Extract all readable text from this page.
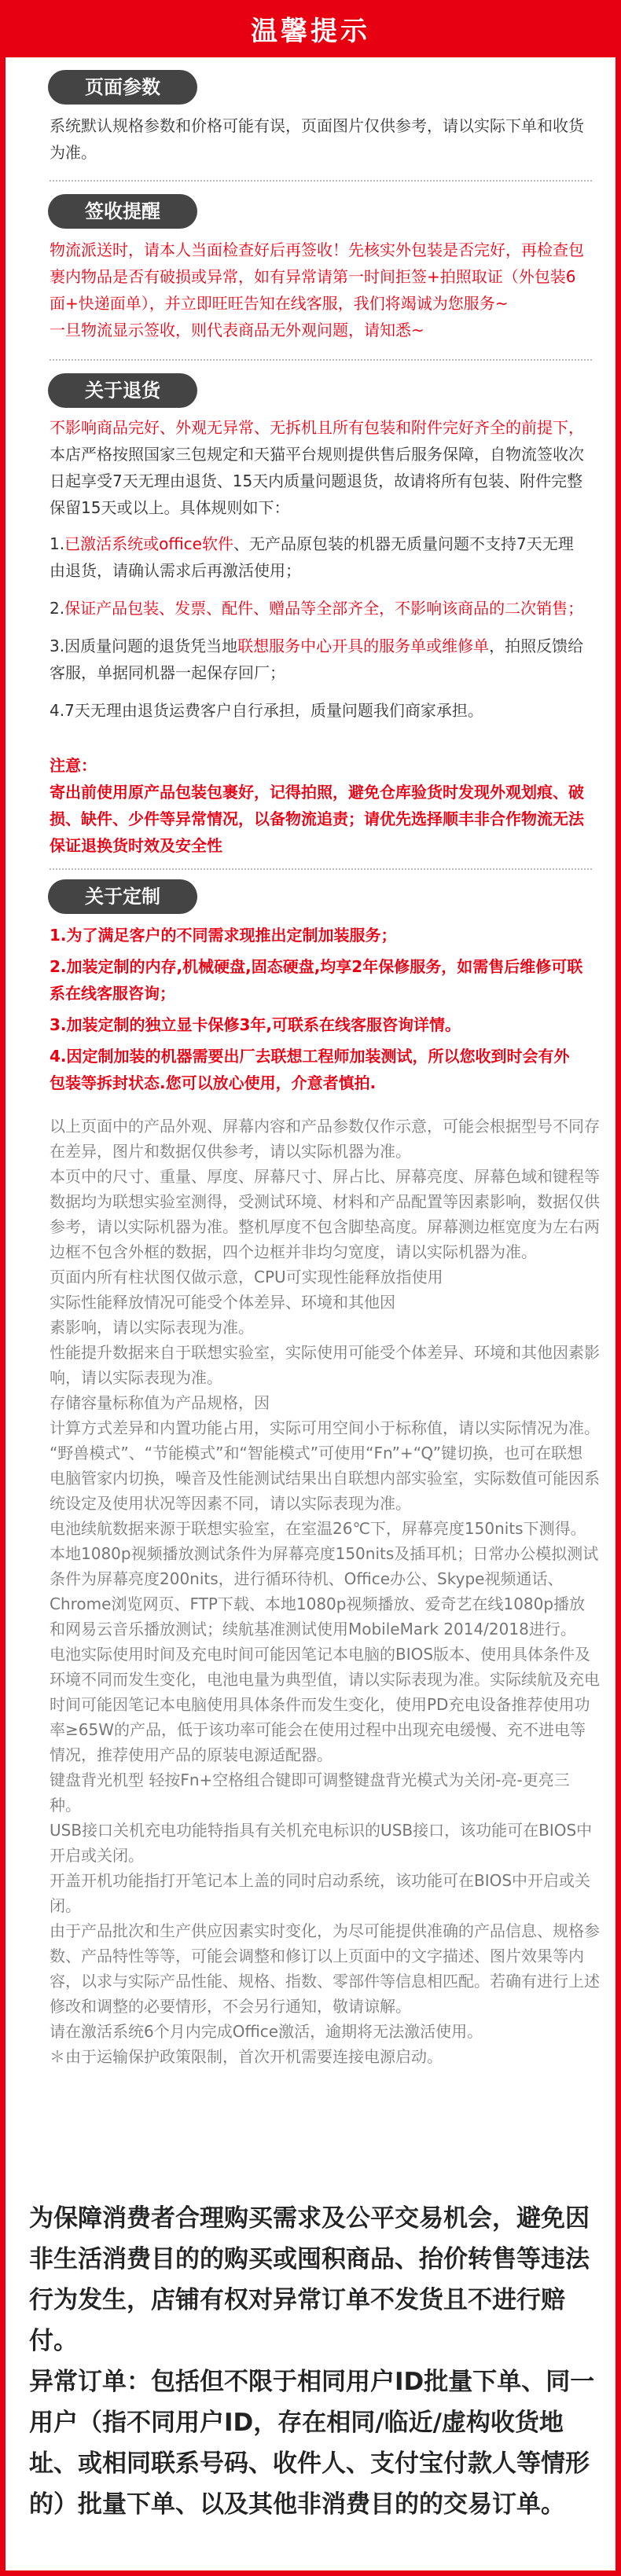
温馨提示
页面参数
系统默认规格参数和价格可能有误，页面图片仅供参考，请以实际下单和收货为准。
签收提醒
物流派送时，请本人当面检查好后再签收！先核实外包装是否完好，再检查包裹内物品是否有破损或异常，如有异常请第一时间拒签+拍照取证（外包装6面+快递面单），并立即旺旺告知在线客服，我们将竭诚为您服务~
一旦物流显示签收，则代表商品无外观问题，请知悉~
关于退货
不影响商品完好、外观无异常、无拆机且所有包装和附件完好齐全的前提下，本店严格按照国家三包规定和天猫平台规则提供售后服务保障，自物流签收次日起享受7天无理由退货、15天内质量问题退货，故请将所有包装、附件完整保留15天或以上。具体规则如下：
1.已激活系统或office软件、无产品原包装的机器无质量问题不支持7天无理由退货，请确认需求后再激活使用；
2.保证产品包装、发票、配件、赠品等全部齐全，不影响该商品的二次销售；
3.因质量问题的退货凭当地联想服务中心开具的服务单或维修单，拍照反馈给客服，单据同机器一起保存回厂；
4.7天无理由退货运费客户自行承担，质量问题我们商家承担。
注意：
寄出前使用原产品包装包裹好，记得拍照，避免仓库验货时发现外观划痕、破损、缺件、少件等异常情况，以备物流追责；请优先选择顺丰非合作物流无法保证退换货时效及安全性
关于定制
1.为了满足客户的不同需求现推出定制加装服务；
2.加装定制的内存,机械硬盘,固态硬盘,均享2年保修服务，如需售后维修可联系在线客服咨询；
3.加装定制的独立显卡保修3年,可联系在线客服咨询详情。
4.因定制加装的机器需要出厂去联想工程师加装测试，所以您收到时会有外包装等拆封状态.您可以放心使用，介意者慎拍.
以上页面中的产品外观、屏幕内容和产品参数仅作示意，可能会根据型号不同存在差异，图片和数据仅供参考，请以实际机器为准。
本页中的尺寸、重量、厚度、屏幕尺寸、屏占比、屏幕亮度、屏幕色域和键程等数据均为联想实验室测得，受测试环境、材料和产品配置等因素影响，数据仅供参考，请以实际机器为准。整机厚度不包含脚垫高度。屏幕测边框宽度为左右两边框不包含外框的数据，四个边框并非均匀宽度，请以实际机器为准。
页面内所有柱状图仅做示意，CPU可实现性能释放指使用
实际性能释放情况可能受个体差异、环境和其他因
素影响，请以实际表现为准。
性能提升数据来自于联想实验室，实际使用可能受个体差异、环境和其他因素影响，请以实际表现为准。
存储容量标称值为产品规格，因
计算方式差异和内置功能占用，实际可用空间小于标称值，请以实际情况为准。
“野兽模式”、“节能模式”和“智能模式”可使用“Fn”+“Q”键切换，也可在联想 电脑管家内切换，噪音及性能测试结果出自联想内部实验室，实际数值可能因系统设定及使用状况等因素不同，请以实际表现为准。
电池续航数据来源于联想实验室，在室温26℃下，屏幕亮度150nits下测得。本地1080p视频播放测试条件为屏幕亮度150nits及插耳机；日常办公模拟测试条件为屏幕亮度200nits，进行循环待机、Office办公、Skype视频通话、Chrome浏览网页、FTP下载、本地1080p视频播放、爱奇艺在线1080p播放和网易云音乐播放测试；续航基准测试使用MobileMark 2014/2018进行。
电池实际使用时间及充电时间可能因笔记本电脑的BIOS版本、使用具体条件及环境不同而发生变化，电池电量为典型值，请以实际表现为准。实际续航及充电时间可能因笔记本电脑使用具体条件而发生变化，使用PD充电设备推荐使用功率≥65W的产品，低于该功率可能会在使用过程中出现充电缓慢、充不进电等情况，推荐使用产品的原装电源适配器。
键盘背光机型 轻按Fn+空格组合键即可调整键盘背光模式为关闭-亮-更亮三种。
USB接口关机充电功能特指具有关机充电标识的USB接口，该功能可在BIOS中开启或关闭。
开盖开机功能指打开笔记本上盖的同时启动系统，该功能可在BIOS中开启或关闭。
由于产品批次和生产供应因素实时变化，为尽可能提供准确的产品信息、规格参数、产品特性等等，可能会调整和修订以上页面中的文字描述、图片效果等内容，以求与实际产品性能、规格、指数、零部件等信息相匹配。若确有进行上述修改和调整的必要情形，不会另行通知，敬请谅解。
请在激活系统6个月内完成Office激活，逾期将无法激活使用。
＊由于运输保护政策限制，首次开机需要连接电源启动。
为保障消费者合理购买需求及公平交易机会，避免因非生活消费目的的购买或囤积商品、抬价转售等违法行为发生，店铺有权对异常订单不发货且不进行赔付。
异常订单：包括但不限于相同用户ID批量下单、同一用户（指不同用户ID，存在相同/临近/虚构收货地址、或相同联系号码、收件人、支付宝付款人等情形的）批量下单、以及其他非消费目的的交易订单。
